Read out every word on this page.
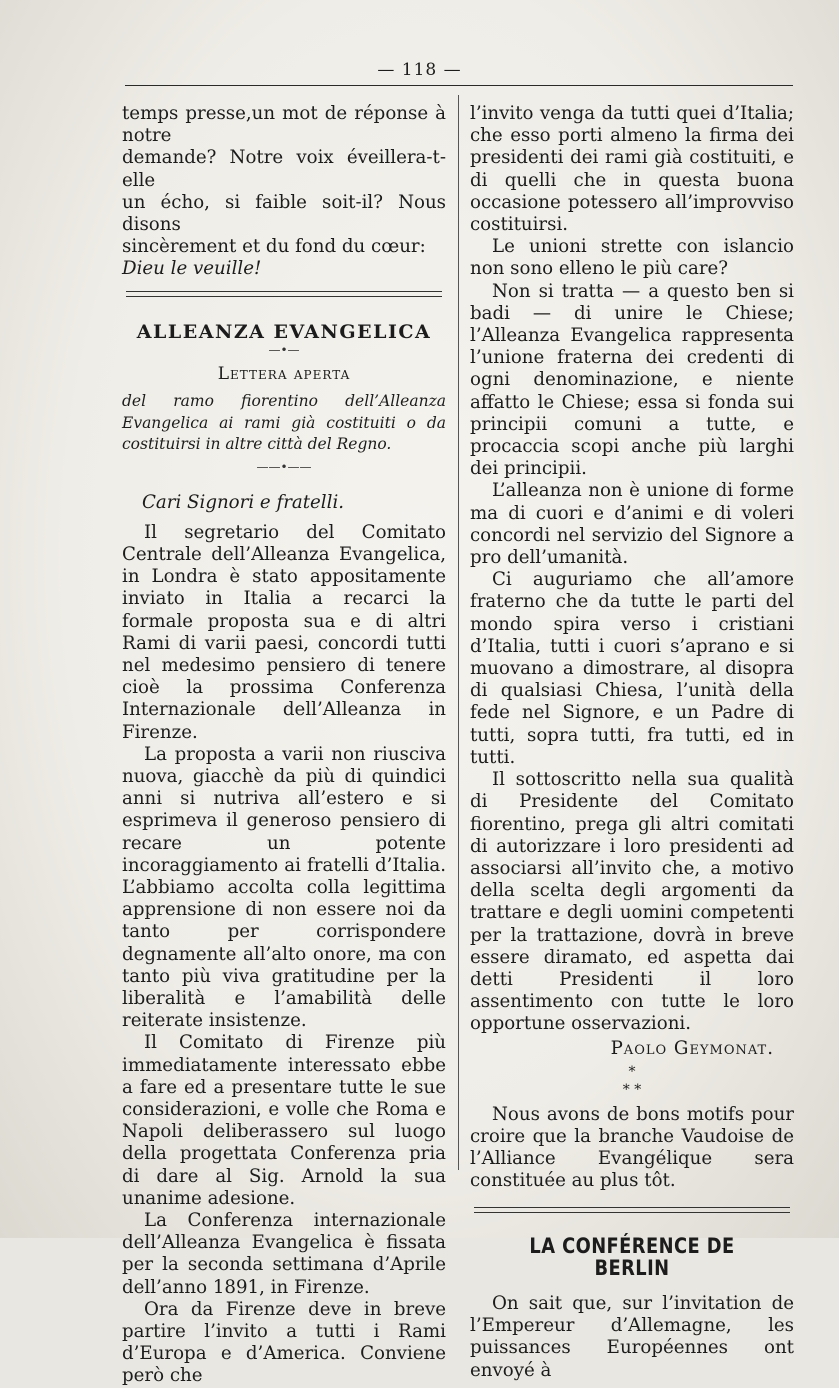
— 118 —

temps presse,un mot de réponse à notre

demande? Notre voix éveillera-t-elle

un écho, si faible soit-il? Nous disons

sincèrement et du fond du cœur:

Dieu le veuille!

ALLEANZA EVANGELICA
—•—
Lettera aperta

del ramo fiorentino dell’Alleanza Evangelica ai rami già costituiti o da costituirsi in altre città del Regno.

——•——

Cari Signori e fratelli.

Il segretario del Comitato Centrale dell’Alleanza Evangelica, in Londra è stato appositamente inviato in Italia a recarci la formale proposta sua e di altri Rami di varii paesi, concordi tutti nel medesimo pensiero di tenere cioè la prossima Conferenza Internazionale dell’Alleanza in Firenze.

La proposta a varii non riusciva nuova, giacchè da più di quindici anni si nutriva all’estero e si esprimeva il generoso pensiero di recare un potente incoraggiamento ai fratelli d’Italia. L’abbiamo accolta colla legittima apprensione di non essere noi da tanto per corrispondere degnamente all’alto onore, ma con tanto più viva gratitudine per la liberalità e l’amabilità delle reiterate insistenze.

Il Comitato di Firenze più immediatamente interessato ebbe a fare ed a presentare tutte le sue considerazioni, e volle che Roma e Napoli deliberassero sul luogo della progettata Conferenza pria di dare al Sig. Arnold la sua unanime adesione.

La Conferenza internazionale dell’Alleanza Evangelica è fissata per la seconda settimana d’Aprile dell’anno 1891, in Firenze.

Ora da Firenze deve in breve partire l’invito a tutti i Rami d’Europa e d’America. Conviene però che

l’invito venga da tutti quei d’Italia; che esso porti almeno la firma dei presidenti dei rami già costituiti, e di quelli che in questa buona occasione potessero all’improvviso costituirsi.

Le unioni strette con islancio non sono elleno le più care?

Non si tratta — a questo ben si badi — di unire le Chiese; l’Alleanza Evangelica rappresenta l’unione fraterna dei credenti di ogni denominazione, e niente affatto le Chiese; essa si fonda sui principii comuni a tutte, e procaccia scopi anche più larghi dei principii.

L’alleanza non è unione di forme ma di cuori e d’animi e di voleri concordi nel servizio del Signore a pro dell’umanità.

Ci auguriamo che all’amore fraterno che da tutte le parti del mondo spira verso i cristiani d’Italia, tutti i cuori s’aprano e si muovano a dimostrare, al disopra di qualsiasi Chiesa, l’unità della fede nel Signore, e un Padre di tutti, sopra tutti, fra tutti, ed in tutti.

Il sottoscritto nella sua qualità di Presidente del Comitato fiorentino, prega gli altri comitati di autorizzare i loro presidenti ad associarsi all’invito che, a motivo della scelta degli argomenti da trattare e degli uomini competenti per la trattazione, dovrà in breve essere diramato, ed aspetta dai detti Presidenti il loro assentimento con tutte le loro opportune osservazioni.

Paolo Geymonat.
*
* *

Nous avons de bons motifs pour croire que la branche Vaudoise de l’Alliance Evangélique sera constituée au plus tôt.

LA CONFÉRENCE DE BERLIN

On sait que, sur l’invitation de l’Empereur d’Allemagne, les puissances Européennes ont envoyé à
